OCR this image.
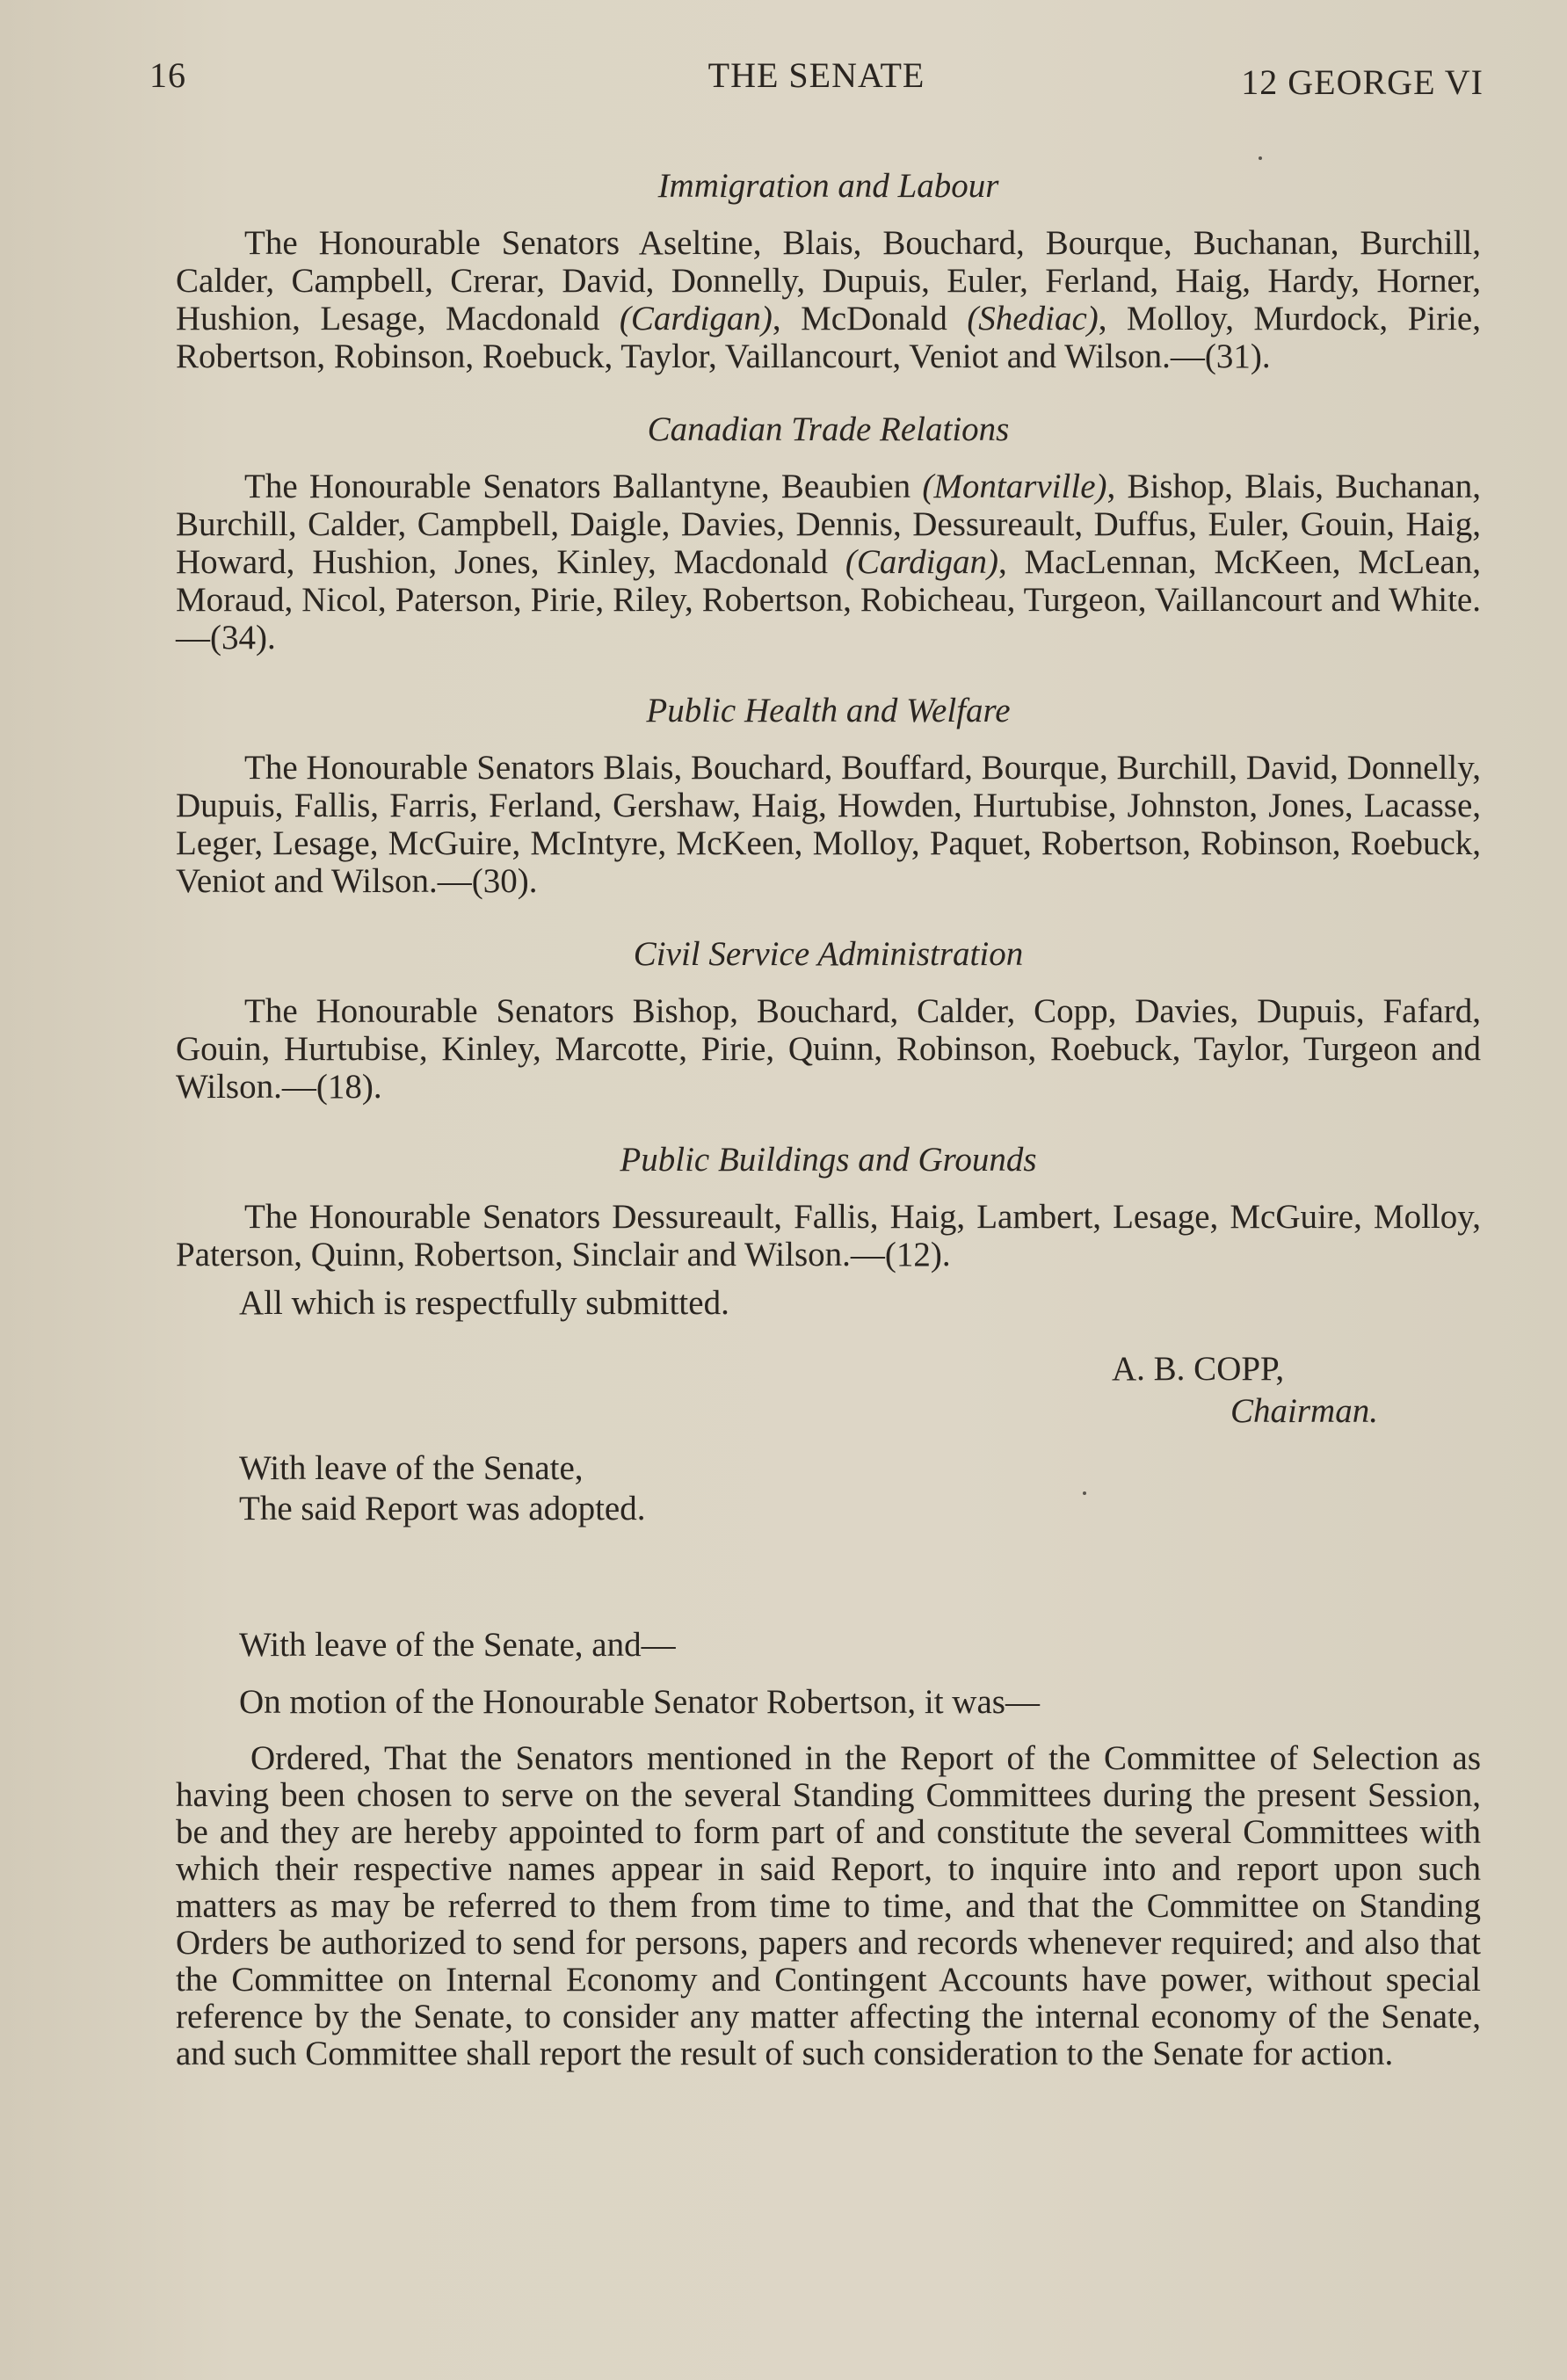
16	THE SENATE	12 GEORGE VI
Immigration and Labour
The Honourable Senators Aseltine, Blais, Bouchard, Bourque, Buchanan, Burchill, Calder, Campbell, Crerar, David, Donnelly, Dupuis, Euler, Ferland, Haig, Hardy, Horner, Hushion, Lesage, Macdonald (Cardigan), McDonald (Shediac), Molloy, Murdock, Pirie, Robertson, Robinson, Roebuck, Taylor, Vaillancourt, Veniot and Wilson.—(31).
Canadian Trade Relations
The Honourable Senators Ballantyne, Beaubien (Montarville), Bishop, Blais, Buchanan, Burchill, Calder, Campbell, Daigle, Davies, Dennis, Dessureault, Duffus, Euler, Gouin, Haig, Howard, Hushion, Jones, Kinley, Macdonald (Cardigan), MacLennan, McKeen, McLean, Moraud, Nicol, Paterson, Pirie, Riley, Robertson, Robicheau, Turgeon, Vaillancourt and White.—(34).
Public Health and Welfare
The Honourable Senators Blais, Bouchard, Bouffard, Bourque, Burchill, David, Donnelly, Dupuis, Fallis, Farris, Ferland, Gershaw, Haig, Howden, Hurtubise, Johnston, Jones, Lacasse, Leger, Lesage, McGuire, McIntyre, McKeen, Molloy, Paquet, Robertson, Robinson, Roebuck, Veniot and Wilson.—(30).
Civil Service Administration
The Honourable Senators Bishop, Bouchard, Calder, Copp, Davies, Dupuis, Fafard, Gouin, Hurtubise, Kinley, Marcotte, Pirie, Quinn, Robinson, Roebuck, Taylor, Turgeon and Wilson.—(18).
Public Buildings and Grounds
The Honourable Senators Dessureault, Fallis, Haig, Lambert, Lesage, McGuire, Molloy, Paterson, Quinn, Robertson, Sinclair and Wilson.—(12).
All which is respectfully submitted.
A. B. COPP,
Chairman.
With leave of the Senate,
The said Report was adopted.
With leave of the Senate, and—
On motion of the Honourable Senator Robertson, it was—
Ordered, That the Senators mentioned in the Report of the Committee of Selection as having been chosen to serve on the several Standing Committees during the present Session, be and they are hereby appointed to form part of and constitute the several Committees with which their respective names appear in said Report, to inquire into and report upon such matters as may be referred to them from time to time, and that the Committee on Standing Orders be authorized to send for persons, papers and records whenever required; and also that the Committee on Internal Economy and Contingent Accounts have power, without special reference by the Senate, to consider any matter affecting the internal economy of the Senate, and such Committee shall report the result of such consideration to the Senate for action.
